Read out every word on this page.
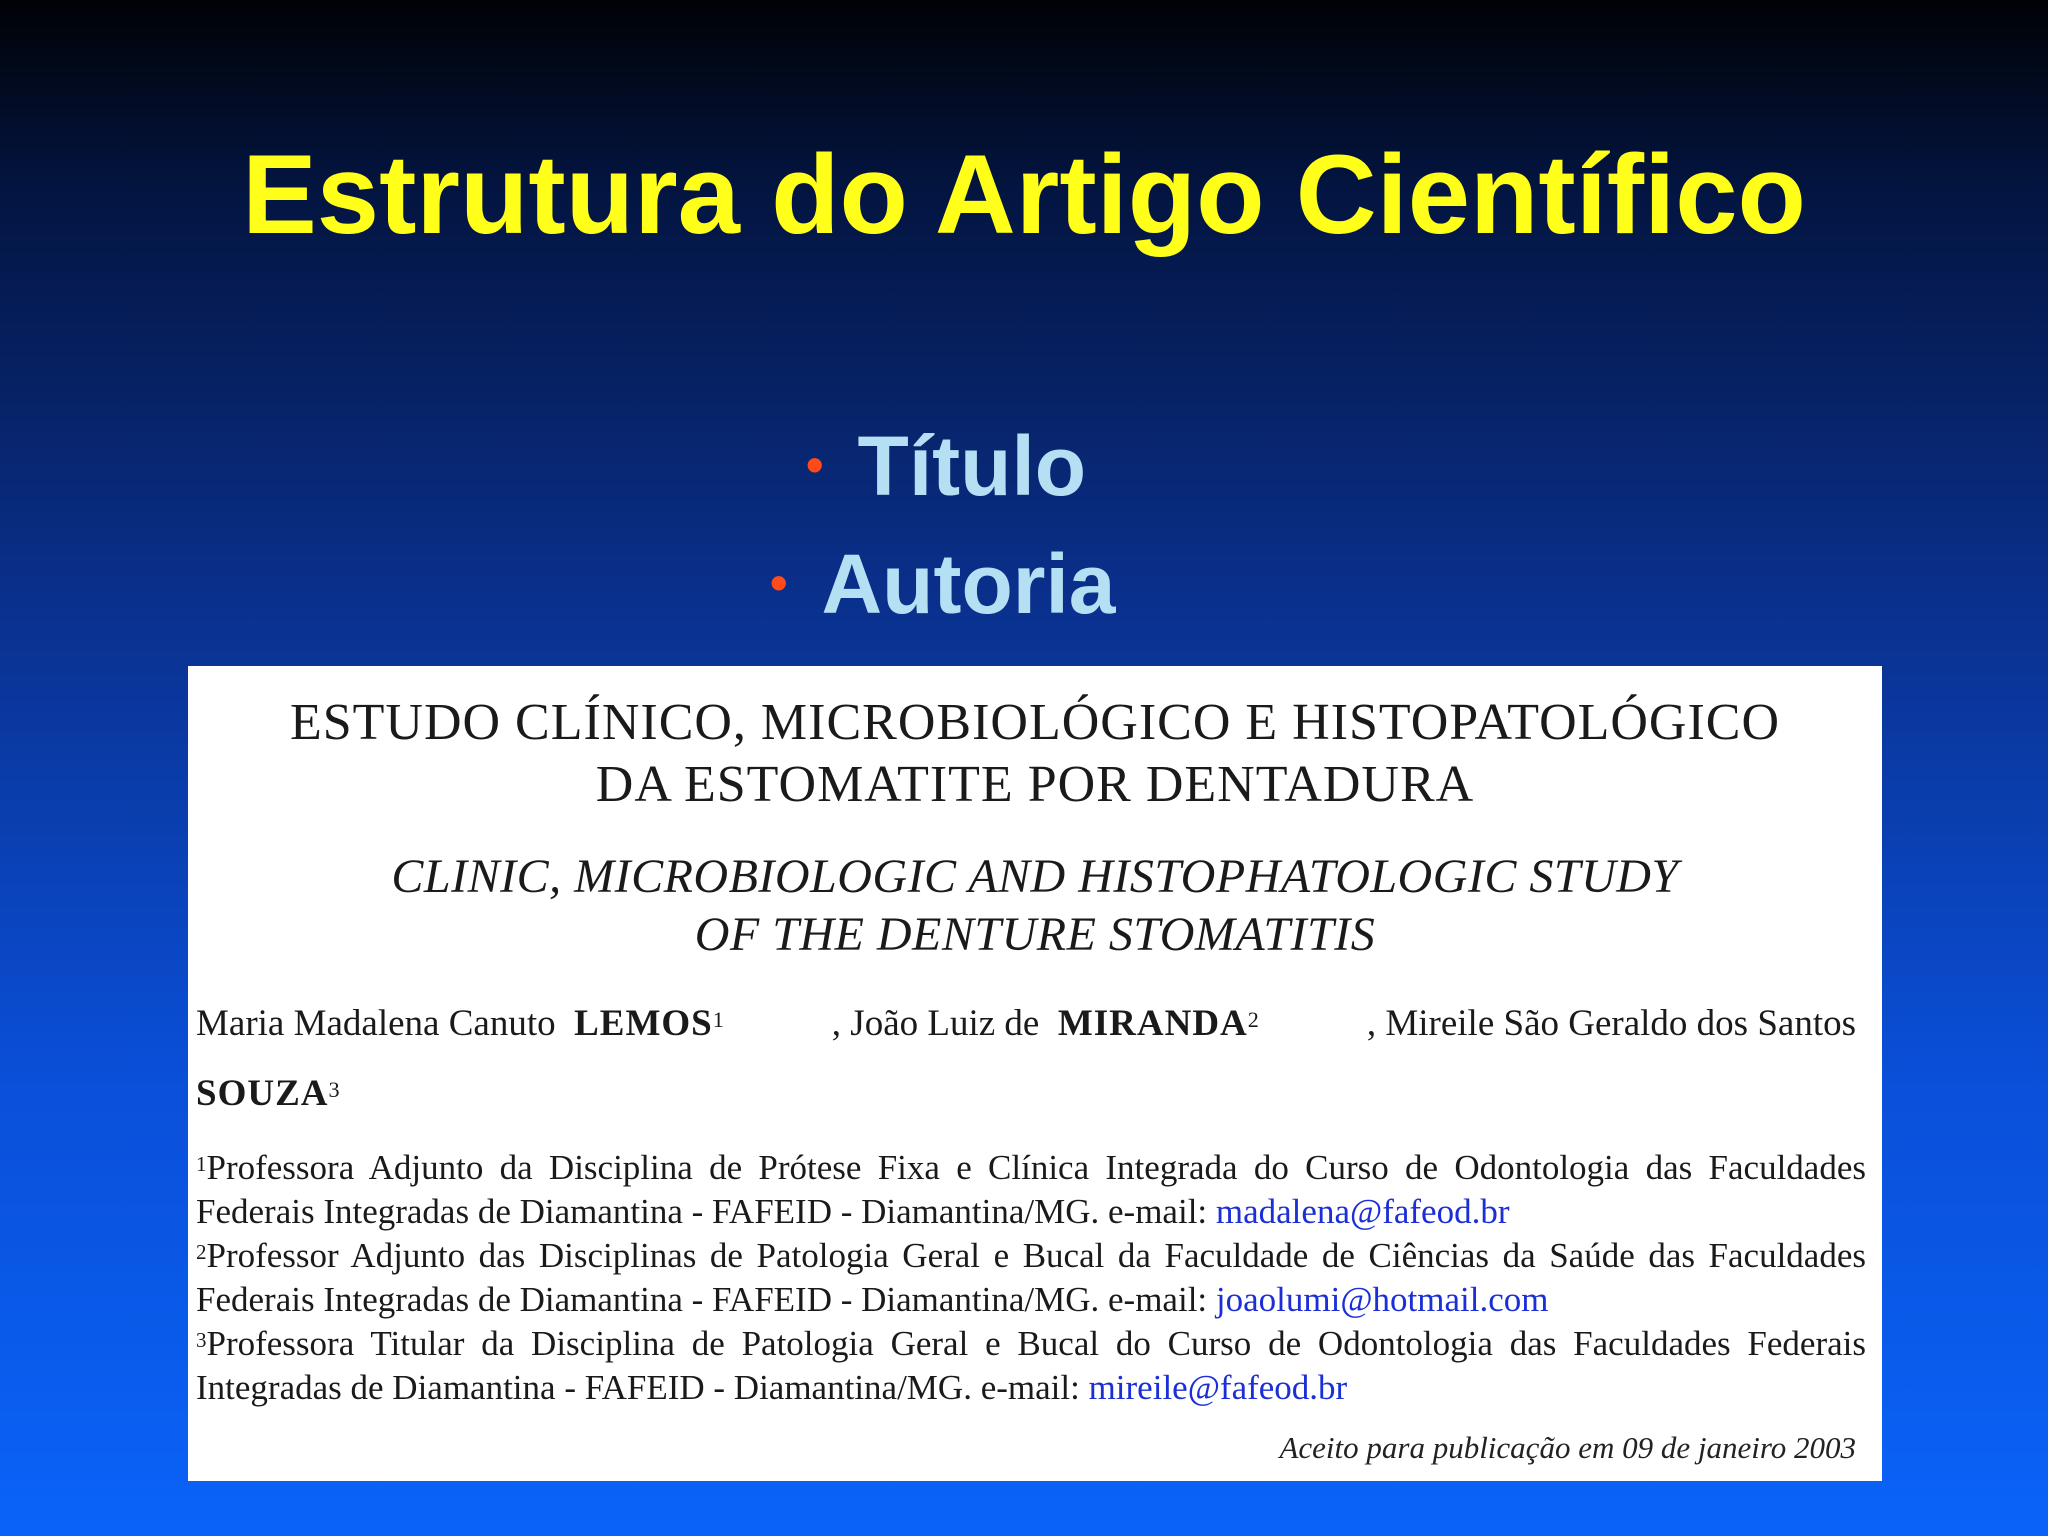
Estrutura do Artigo Científico
• Título
• Autoria
ESTUDO CLÍNICO, MICROBIOLÓGICO E HISTOPATOLÓGICO
DA ESTOMATITE POR DENTADURA
CLINIC, MICROBIOLOGIC AND HISTOPHATOLOGIC STUDY
OF THE DENTURE STOMATITIS
Maria Madalena Canuto LEMOS$^1$	, João Luiz de MIRANDA$^2$	, Mireile São Geraldo dos Santos
SOUZA$^3$
$^1$Professora Adjunto da Disciplina de Prótese Fixa e Clínica Integrada do Curso de Odontologia das Faculdades Federais Integradas de Diamantina - FAFEID - Diamantina/MG. e-mail: madalena@fafeod.br
$^2$Professor Adjunto das Disciplinas de Patologia Geral e Bucal da Faculdade de Ciências da Saúde das Faculdades Federais Integradas de Diamantina - FAFEID - Diamantina/MG. e-mail: joaolumi@hotmail.com
$^3$Professora Titular da Disciplina de Patologia Geral e Bucal do Curso de Odontologia das Faculdades Federais Integradas de Diamantina - FAFEID - Diamantina/MG. e-mail: mireile@fafeod.br
Aceito para publicação em 09 de janeiro 2003
